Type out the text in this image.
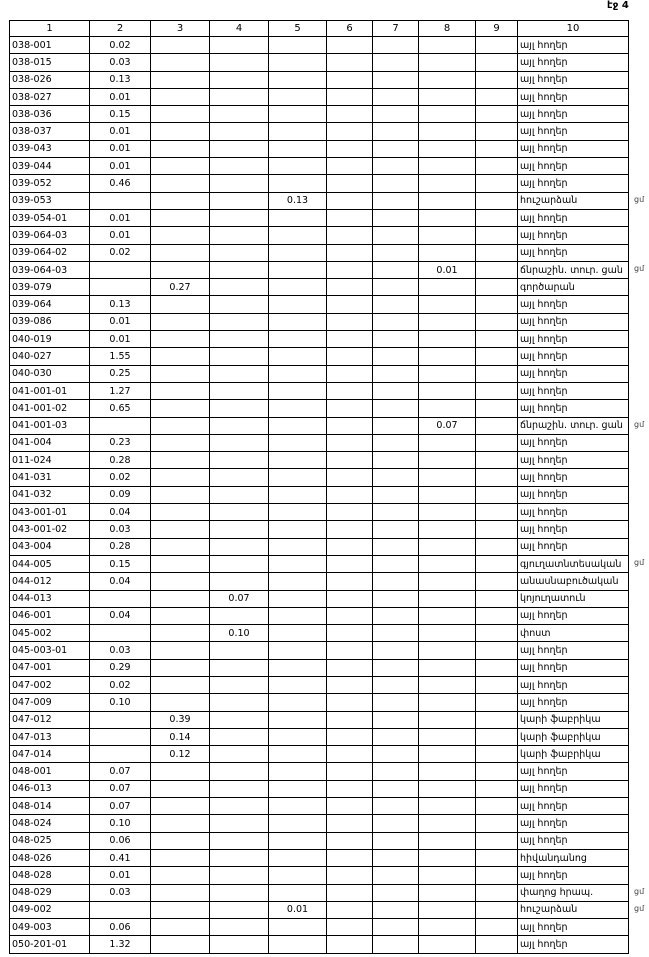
էջ 4
1	2	3	4	5	6	7	8	9	10
038-001	0.02								այլ հողեր
038-015	0.03								այլ հողեր
038-026	0.13								այլ հողեր
038-027	0.01								այլ հողեր
038-036	0.15								այլ հողեր
038-037	0.01								այլ հողեր
039-043	0.01								այլ հողեր
039-044	0.01								այլ հողեր
039-052	0.46								այլ հողեր
039-053				0.13					հուշարձան
039-054-01	0.01								այլ հողեր
039-064-03	0.01								այլ հողեր
039-064-02	0.02								այլ հողեր
039-064-03							0.01		ճնրաշին. տուր. ցան
039-079		0.27							գործարան
039-064	0.13								այլ հողեր
039-086	0.01								այլ հողեր
040-019	0.01								այլ հողեր
040-027	1.55								այլ հողեր
040-030	0.25								այլ հողեր
041-001-01	1.27								այլ հողեր
041-001-02	0.65								այլ հողեր
041-001-03							0.07		ճնրաշին. տուր. ցան
041-004	0.23								այլ հողեր
011-024	0.28								այլ հողեր
041-031	0.02								այլ հողեր
041-032	0.09								այլ հողեր
043-001-01	0.04								այլ հողեր
043-001-02	0.03								այլ հողեր
043-004	0.28								այլ հողեր
044-005	0.15								գյուղատնտեսական
044-012	0.04								անասնաբուծական
044-013			0.07						կոյուղատուն
046-001	0.04								այլ հողեր
045-002			0.10						փոստ
045-003-01	0.03								այլ հողեր
047-001	0.29								այլ հողեր
047-002	0.02								այլ հողեր
047-009	0.10								այլ հողեր
047-012		0.39							կարի ֆաբրիկա
047-013		0.14							կարի ֆաբրիկա
047-014		0.12							կարի ֆաբրիկա
048-001	0.07								այլ հողեր
046-013	0.07								այլ հողեր
048-014	0.07								այլ հողեր
048-024	0.10								այլ հողեր
048-025	0.06								այլ հողեր
048-026	0.41								հիվանդանոց
048-028	0.01								այլ հողեր
048-029	0.03								փաղոց հրապ.
049-002				0.01					հուշարձան
049-003	0.06								այլ հողեր
050-201-01	1.32								այլ հողեր
ցմ
ցմ
ցմ
ցմ
ցմ
ցմ
